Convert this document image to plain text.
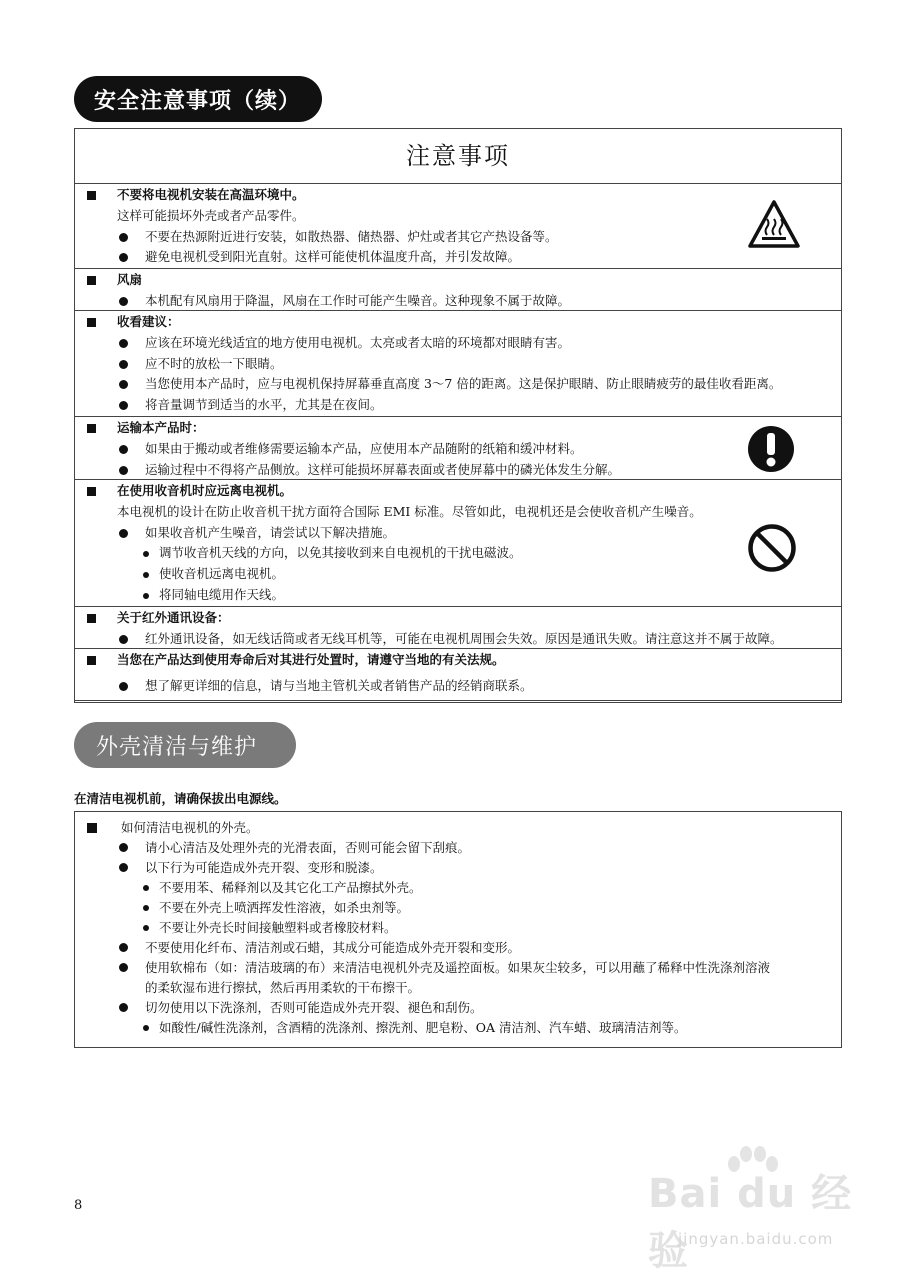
安全注意事项（续）
注意事项
不要将电视机安装在高温环境中。
这样可能损坏外壳或者产品零件。
不要在热源附近进行安装，如散热器、储热器、炉灶或者其它产热设备等。
避免电视机受到阳光直射。这样可能使机体温度升高，并引发故障。
风扇
本机配有风扇用于降温，风扇在工作时可能产生噪音。这种现象不属于故障。
收看建议：
应该在环境光线适宜的地方使用电视机。太亮或者太暗的环境都对眼睛有害。
应不时的放松一下眼睛。
当您使用本产品时，应与电视机保持屏幕垂直高度 3～7 倍的距离。这是保护眼睛、防止眼睛疲劳的最佳收看距离。
将音量调节到适当的水平，尤其是在夜间。
运输本产品时：
如果由于搬动或者维修需要运输本产品，应使用本产品随附的纸箱和缓冲材料。
运输过程中不得将产品侧放。这样可能损坏屏幕表面或者使屏幕中的磷光体发生分解。
在使用收音机时应远离电视机。
本电视机的设计在防止收音机干扰方面符合国际 EMI 标准。尽管如此，电视机还是会使收音机产生噪音。
如果收音机产生噪音，请尝试以下解决措施。
调节收音机天线的方向，以免其接收到来自电视机的干扰电磁波。
使收音机远离电视机。
将同轴电缆用作天线。
关于红外通讯设备：
红外通讯设备，如无线话筒或者无线耳机等，可能在电视机周围会失效。原因是通讯失败。请注意这并不属于故障。
当您在产品达到使用寿命后对其进行处置时，请遵守当地的有关法规。
想了解更详细的信息，请与当地主管机关或者销售产品的经销商联系。
外壳清洁与维护
在清洁电视机前，请确保拔出电源线。
如何清洁电视机的外壳。
请小心清洁及处理外壳的光滑表面，否则可能会留下刮痕。
以下行为可能造成外壳开裂、变形和脱漆。
不要用苯、稀释剂以及其它化工产品擦拭外壳。
不要在外壳上喷洒挥发性溶液，如杀虫剂等。
不要让外壳长时间接触塑料或者橡胶材料。
不要使用化纤布、清洁剂或石蜡，其成分可能造成外壳开裂和变形。
使用软棉布（如：清洁玻璃的布）来清洁电视机外壳及遥控面板。如果灰尘较多，可以用蘸了稀释中性洗涤剂溶液
的柔软湿布进行擦拭，然后再用柔软的干布擦干。
切勿使用以下洗涤剂，否则可能造成外壳开裂、褪色和刮伤。
如酸性/碱性洗涤剂，含酒精的洗涤剂、擦洗剂、肥皂粉、OA 清洁剂、汽车蜡、玻璃清洁剂等。
8	Bai du 经验
jingyan.baidu.com
